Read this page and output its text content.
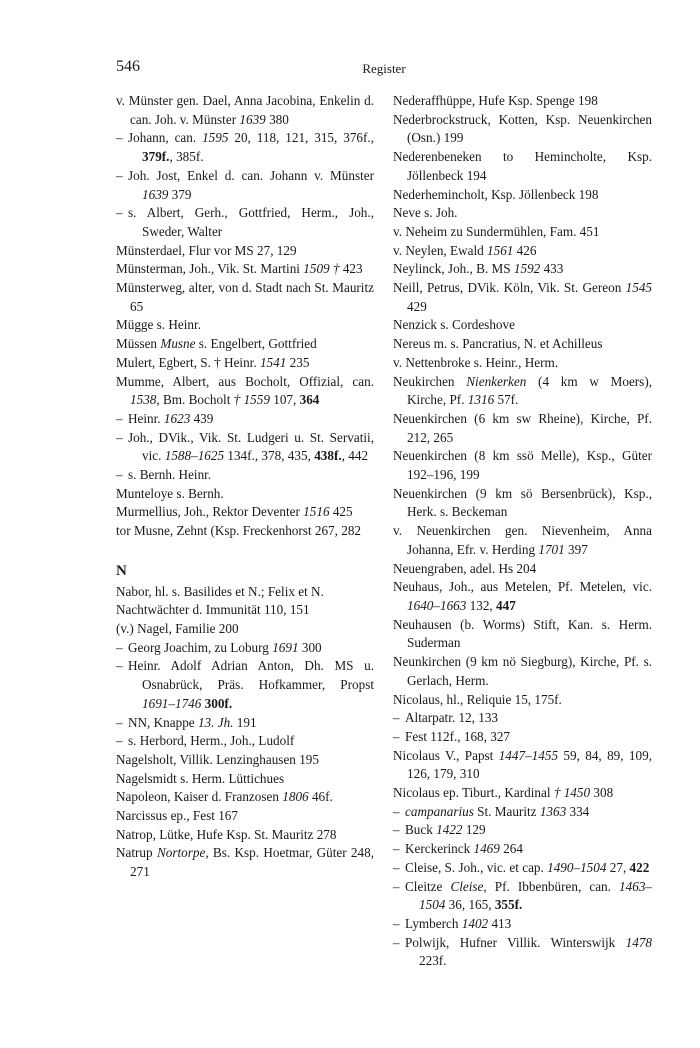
546	Register

v. Münster gen. Dael, Anna Jacobina, Enkelin d. can. Joh. v. Münster 1639 380

– Johann, can. 1595 20, 118, 121, 315, 376f., 379f., 385f.

– Joh. Jost, Enkel d. can. Johann v. Münster 1639 379

– s. Albert, Gerh., Gottfried, Herm., Joh., Sweder, Walter

Münsterdael, Flur vor MS 27, 129

Münsterman, Joh., Vik. St. Martini 1509 † 423

Münsterweg, alter, von d. Stadt nach St. Mauritz 65

Mügge s. Heinr.

Müssen Musne s. Engelbert, Gottfried

Mulert, Egbert, S. † Heinr. 1541 235

Mumme, Albert, aus Bocholt, Offizial, can. 1538, Bm. Bocholt † 1559 107, 364

– Heinr. 1623 439

– Joh., DVik., Vik. St. Ludgeri u. St. Servatii, vic. 1588–1625 134f., 378, 435, 438f., 442

– s. Bernh. Heinr.

Munteloye s. Bernh.

Murmellius, Joh., Rektor Deventer 1516 425

tor Musne, Zehnt (Ksp. Freckenhorst 267, 282

N

Nabor, hl. s. Basilides et N.; Felix et N.

Nachtwächter d. Immunität 110, 151

(v.) Nagel, Familie 200

– Georg Joachim, zu Loburg 1691 300

– Heinr. Adolf Adrian Anton, Dh. MS u. Osnabrück, Präs. Hofkammer, Propst 1691–1746 300f.

– NN, Knappe 13. Jh. 191

– s. Herbord, Herm., Joh., Ludolf

Nagelsholt, Villik. Lenzinghausen 195

Nagelsmidt s. Herm. Lüttichues

Napoleon, Kaiser d. Franzosen 1806 46f.

Narcissus ep., Fest 167

Natrop, Lütke, Hufe Ksp. St. Mauritz 278

Natrup Nortorpe, Bs. Ksp. Hoetmar, Güter 248, 271

Nederaffhüppe, Hufe Ksp. Spenge 198

Nederbrockstruck, Kotten, Ksp. Neuenkirchen (Osn.) 199

Nederenbeneken to Hemincholte, Ksp. Jöllenbeck 194

Nederhemincholt, Ksp. Jöllenbeck 198

Neve s. Joh.

v. Neheim zu Sundermühlen, Fam. 451

v. Neylen, Ewald 1561 426

Neylinck, Joh., B. MS 1592 433

Neill, Petrus, DVik. Köln, Vik. St. Gereon 1545 429

Nenzick s. Cordeshove

Nereus m. s. Pancratius, N. et Achilleus

v. Nettenbroke s. Heinr., Herm.

Neukirchen Nienkerken (4 km w Moers), Kirche, Pf. 1316 57f.

Neuenkirchen (6 km sw Rheine), Kirche, Pf. 212, 265

Neuenkirchen (8 km ssö Melle), Ksp., Güter 192–196, 199

Neuenkirchen (9 km sö Bersenbrück), Ksp., Herk. s. Beckeman

v. Neuenkirchen gen. Nievenheim, Anna Johanna, Efr. v. Herding 1701 397

Neuengraben, adel. Hs 204

Neuhaus, Joh., aus Metelen, Pf. Metelen, vic. 1640–1663 132, 447

Neuhausen (b. Worms) Stift, Kan. s. Herm. Suderman

Neunkirchen (9 km nö Siegburg), Kirche, Pf. s. Gerlach, Herm.

Nicolaus, hl., Reliquie 15, 175f.

– Altarpatr. 12, 133

– Fest 112f., 168, 327

Nicolaus V., Papst 1447–1455 59, 84, 89, 109, 126, 179, 310

Nicolaus ep. Tiburt., Kardinal † 1450 308

– campanarius St. Mauritz 1363 334

– Buck 1422 129

– Kerckerinck 1469 264

– Cleise, S. Joh., vic. et cap. 1490–1504 27, 422

– Cleitze Cleise, Pf. Ibbenbüren, can. 1463–1504 36, 165, 355f.

– Lymberch 1402 413

– Polwijk, Hufner Villik. Winterswijk 1478 223f.
